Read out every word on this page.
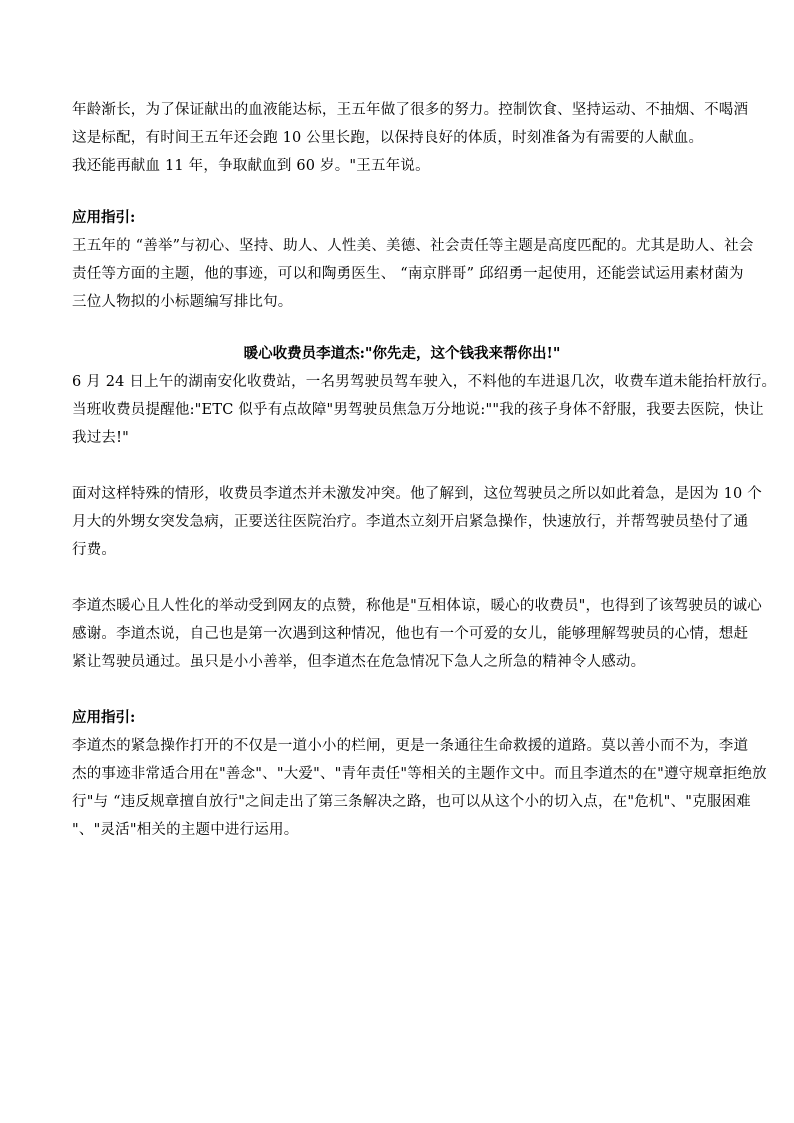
年龄渐长，为了保证献出的血液能达标，王五年做了很多的努力。控制饮食、坚持运动、不抽烟、不喝酒
这是标配，有时间王五年还会跑 10 公里长跑，以保持良好的体质，时刻准备为有需要的人献血。
我还能再献血 11 年，争取献血到 60 岁。"王五年说。
应用指引:
王五年的 “善举”与初心、坚持、助人、人性美、美德、社会责任等主题是高度匹配的。尤其是助人、社会
责任等方面的主题，他的事迹，可以和陶勇医生、 “南京胖哥” 邱绍勇一起使用，还能尝试运用素材菌为
三位人物拟的小标题编写排比句。
暖心收费员李道杰:"你先走，这个钱我来帮你出!"
6 月 24 日上午的湖南安化收费站，一名男驾驶员驾车驶入，不料他的车进退几次，收费车道未能抬杆放行。
当班收费员提醒他:"ETC 似乎有点故障"男驾驶员焦急万分地说:""我的孩子身体不舒服，我要去医院，快让
我过去!"
面对这样特殊的情形，收费员李道杰并未激发冲突。他了解到，这位驾驶员之所以如此着急，是因为 10 个
月大的外甥女突发急病，正要送往医院治疗。李道杰立刻开启紧急操作，快速放行，并帮驾驶员垫付了通
行费。
李道杰暖心且人性化的举动受到网友的点赞，称他是"互相体谅，暖心的收费员"，也得到了该驾驶员的诚心
感谢。李道杰说，自己也是第一次遇到这种情况，他也有一个可爱的女儿，能够理解驾驶员的心情，想赶
紧让驾驶员通过。虽只是小小善举，但李道杰在危急情况下急人之所急的精神令人感动。
应用指引:
李道杰的紧急操作打开的不仅是一道小小的栏闸，更是一条通往生命救援的道路。莫以善小而不为，李道
杰的事迹非常适合用在"善念"、"大爱"、"青年责任"等相关的主题作文中。而且李道杰的在"遵守规章拒绝放
行"与 “违反规章擅自放行"之间走出了第三条解决之路，也可以从这个小的切入点，在"危机"、"克服困难
"、"灵活"相关的主题中进行运用。
